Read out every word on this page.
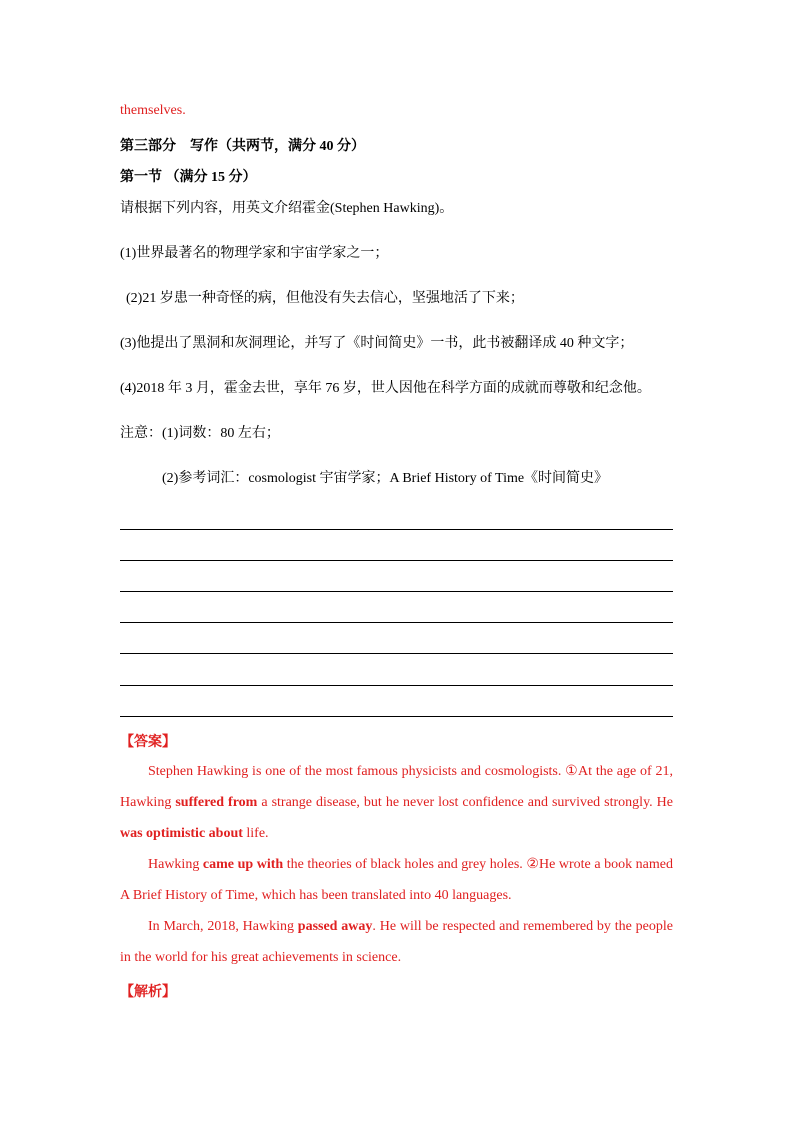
themselves.
第三部分　写作（共两节，满分 40 分）
第一节 （满分 15 分）
请根据下列内容，用英文介绍霍金(Stephen Hawking)。
(1)世界最著名的物理学家和宇宙学家之一；
(2)21 岁患一种奇怪的病，但他没有失去信心，坚强地活了下来；
(3)他提出了黑洞和灰洞理论，并写了《时间简史》一书，此书被翻译成 40 种文字；
(4)2018 年 3 月，霍金去世，享年 76 岁，世人因他在科学方面的成就而尊敬和纪念他。
注意：(1)词数：80 左右；
(2)参考词汇：cosmologist 宇宙学家；A Brief History of Time《时间简史》
【答案】

Stephen Hawking is one of the most famous physicists and cosmologists. ①At the age of 21, Hawking suffered from a strange disease, but he never lost confidence and survived strongly. He was optimistic about life.

Hawking came up with the theories of black holes and grey holes. ②He wrote a book named A Brief History of Time, which has been translated into 40 languages.

In March, 2018, Hawking passed away. He will be respected and remembered by the people in the world for his great achievements in science.

【解析】
